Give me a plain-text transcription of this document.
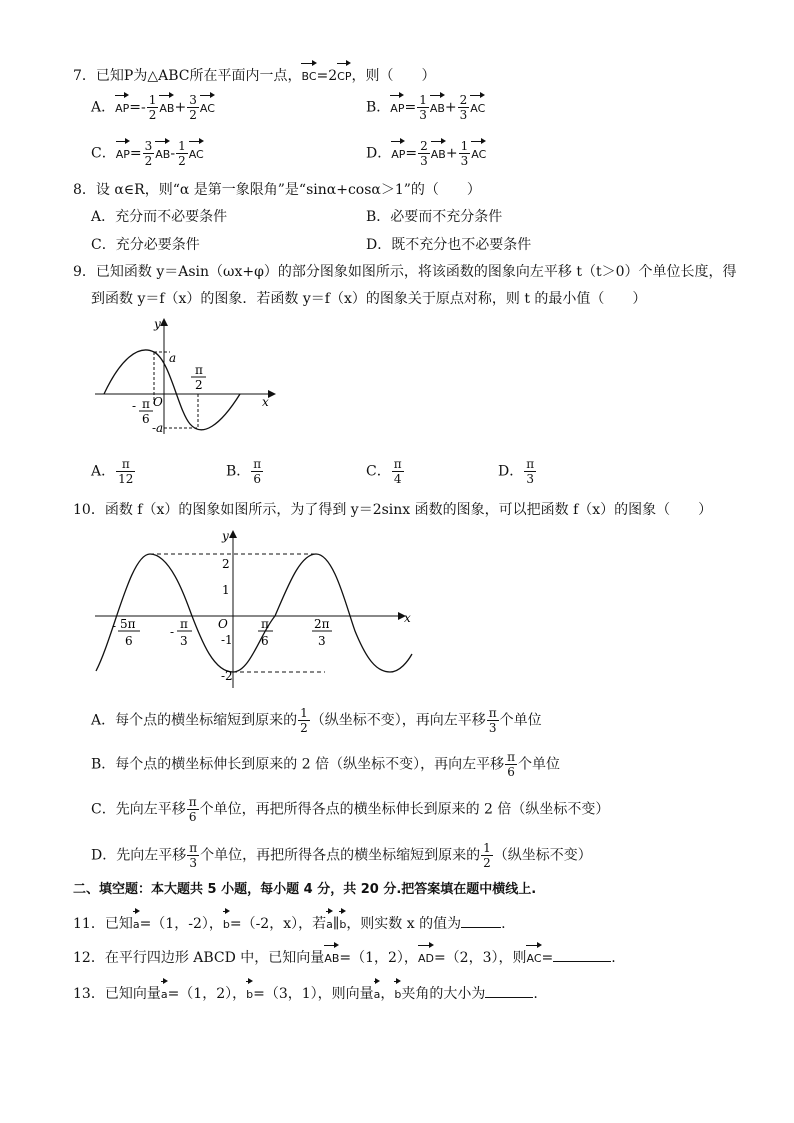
7．已知P为△ABC所在平面内一点，BC=2CP，则（　　）
A．$AP=- \frac{1}{2} AB+ \frac{3}{2}$ AC	B．$AP= \frac{1}{3} AB+ \frac{2}{3}$ AC
C．$AP= \frac{3}{2} AB- \frac{1}{2}$ AC	D．$AP= \frac{2}{3} AB+ \frac{1}{3}$ AC
8．设 α∈R，则“α 是第一象限角”是“sinα+cosα＞1”的（　　）
A．充分而不必要条件	B．必要而不充分条件
C．充分必要条件	D．既不充分也不必要条件
9．已知函数 y＝Asin（ωx+φ）的部分图象如图所示，将该函数的图象向左平移 t（t＞0）个单位长度，得
到函数 y＝f（x）的图象．若函数 y＝f（x）的图象关于原点对称，则 t 的最小值（　　）
y
x
O
a
-a
π
2
- π
6
A． $\frac{\pi}{12}$	B． $\frac{\pi}{6}$	C． $\frac{\pi}{4}$	D． $\frac{\pi}{3}$
10．函数 f（x）的图象如图所示，为了得到 y＝2sinx 函数的图象，可以把函数 f（x）的图象（　　）
y
x
O
2
1
-1
-2
- 5π
6
-
π
3
π
6
2π
3
A．每个点的横坐标缩短到原来的 $\frac{1}{2}$ （纵坐标不变），再向左平移 $\frac{\pi}{3}$ 个单位
B．每个点的横坐标伸长到原来的 2 倍（纵坐标不变），再向左平移 $\frac{\pi}{6}$ 个单位
C．先向左平移 $\frac{\pi}{6}$ 个单位，再把所得各点的横坐标伸长到原来的 2 倍（纵坐标不变）
D．先向左平移 $\frac{\pi}{3}$ 个单位，再把所得各点的横坐标缩短到原来的 $\frac{1}{2}$ （纵坐标不变）
二、填空题：本大题共 5 小题，每小题 4 分，共 20 分.把答案填在题中横线上.
11．已知a=（1，-2），b=（-2，x），若a∥b，则实数 x 的值为	.
12．在平行四边形 ABCD 中，已知向量AB=（1，2），AD=（2，3），则AC=	.
13．已知向量a=（1，2），b=（3，1），则向量a，b夹角的大小为	.
